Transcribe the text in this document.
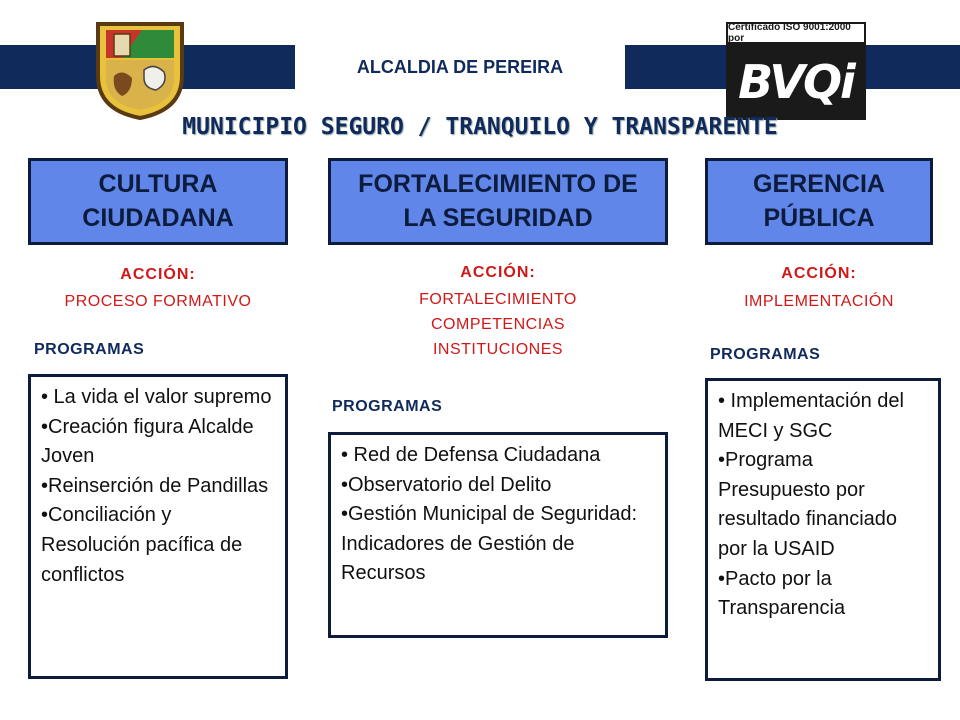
ALCALDIA DE PEREIRA
Certificado ISO 9001:2000 por
BVQi
MUNICIPIO SEGURO / TRANQUILO Y TRANSPARENTE
CULTURA CIUDADANA
ACCIÓN:
PROCESO FORMATIVO
PROGRAMAS
• La vida el valor supremo
•Creación figura Alcalde Joven
•Reinserción de Pandillas
•Conciliación y Resolución pacífica de conflictos
FORTALECIMIENTO DE LA SEGURIDAD
ACCIÓN:
FORTALECIMIENTO
COMPETENCIAS
INSTITUCIONES
PROGRAMAS
• Red de Defensa Ciudadana
•Observatorio del Delito
•Gestión Municipal de Seguridad: Indicadores de Gestión de Recursos
GERENCIA PÚBLICA
ACCIÓN:
IMPLEMENTACIÓN
PROGRAMAS
• Implementación del MECI y SGC
•Programa Presupuesto por resultado financiado por la USAID
•Pacto por la Transparencia
